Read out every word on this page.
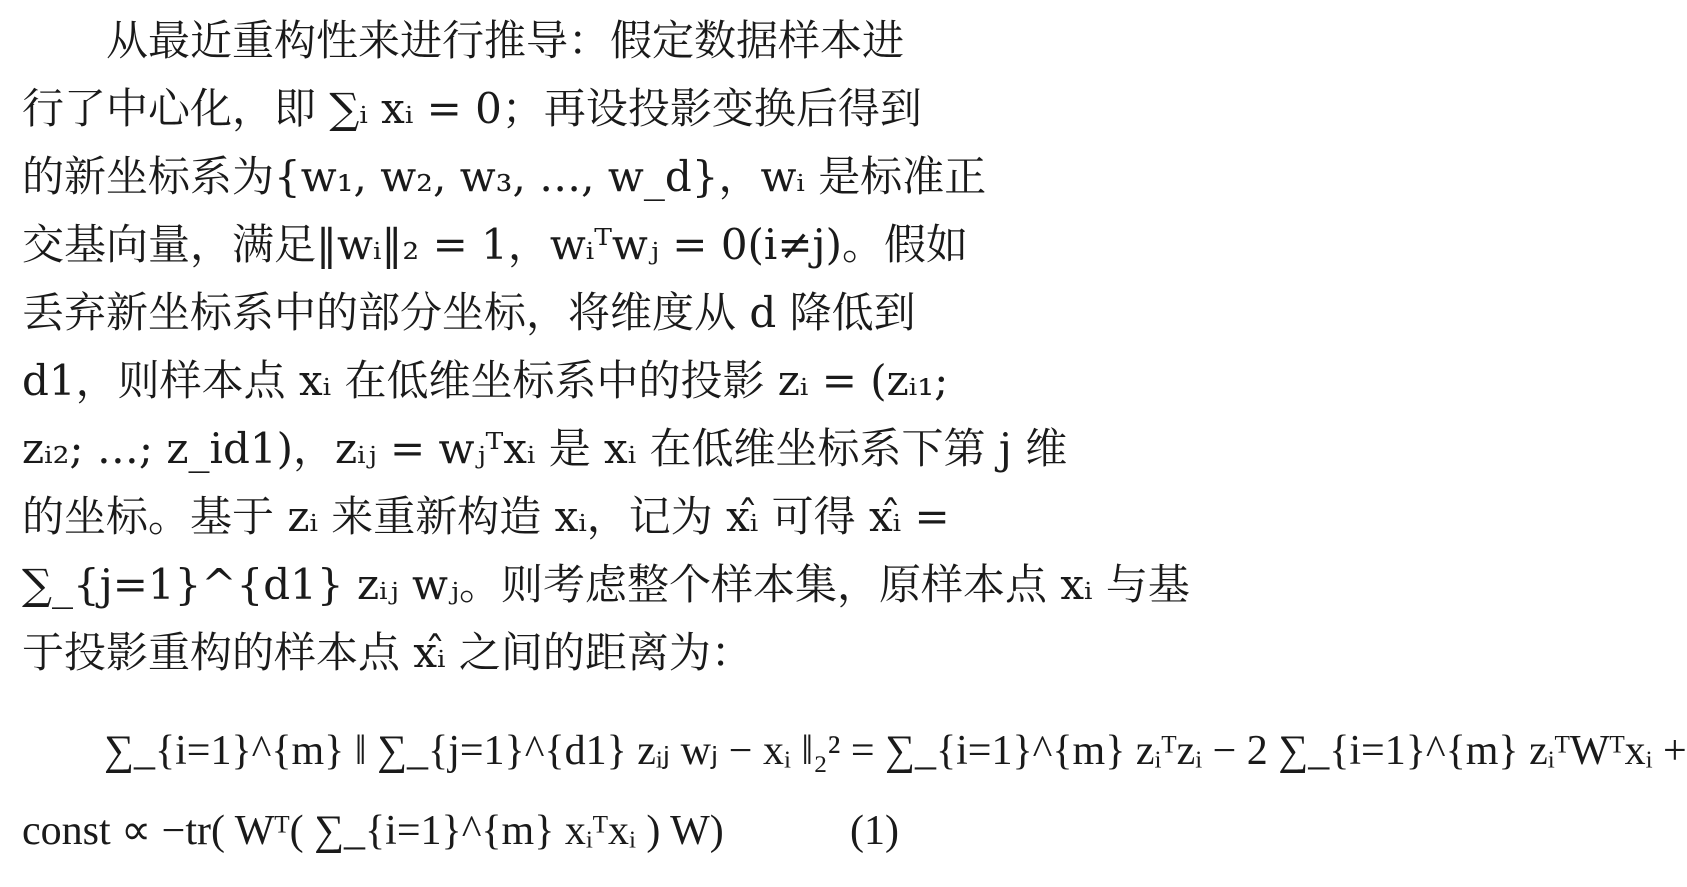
　　从最近重构性来进行推导：假定数据样本进
行了中心化，即 ∑ᵢ xᵢ = 0；再设投影变换后得到
的新坐标系为{w₁, w₂, w₃, …, w_d}，wᵢ 是标准正
交基向量，满足‖wᵢ‖₂ = 1，wᵢᵀwⱼ = 0(i≠j)。假如
丢弃新坐标系中的部分坐标，将维度从 d 降低到
d1，则样本点 xᵢ 在低维坐标系中的投影 zᵢ = (zᵢ₁;
zᵢ₂; …; z_id1)，zᵢⱼ = wⱼᵀxᵢ 是 xᵢ 在低维坐标系下第 j 维
的坐标。基于 zᵢ 来重新构造 xᵢ，记为 xᵢ̂ 可得 xᵢ̂ =
∑_{j=1}^{d1} zᵢⱼ wⱼ。则考虑整个样本集，原样本点 xᵢ 与基
于投影重构的样本点 xᵢ̂ 之间的距离为：
∑_{i=1}^{m} ‖ ∑_{j=1}^{d1} zᵢⱼ wⱼ − xᵢ ‖₂² = ∑_{i=1}^{m} zᵢᵀzᵢ − 2 ∑_{i=1}^{m} zᵢᵀWᵀxᵢ +
const ∝ −tr( Wᵀ( ∑_{i=1}^{m} xᵢᵀxᵢ ) W)	(1)
